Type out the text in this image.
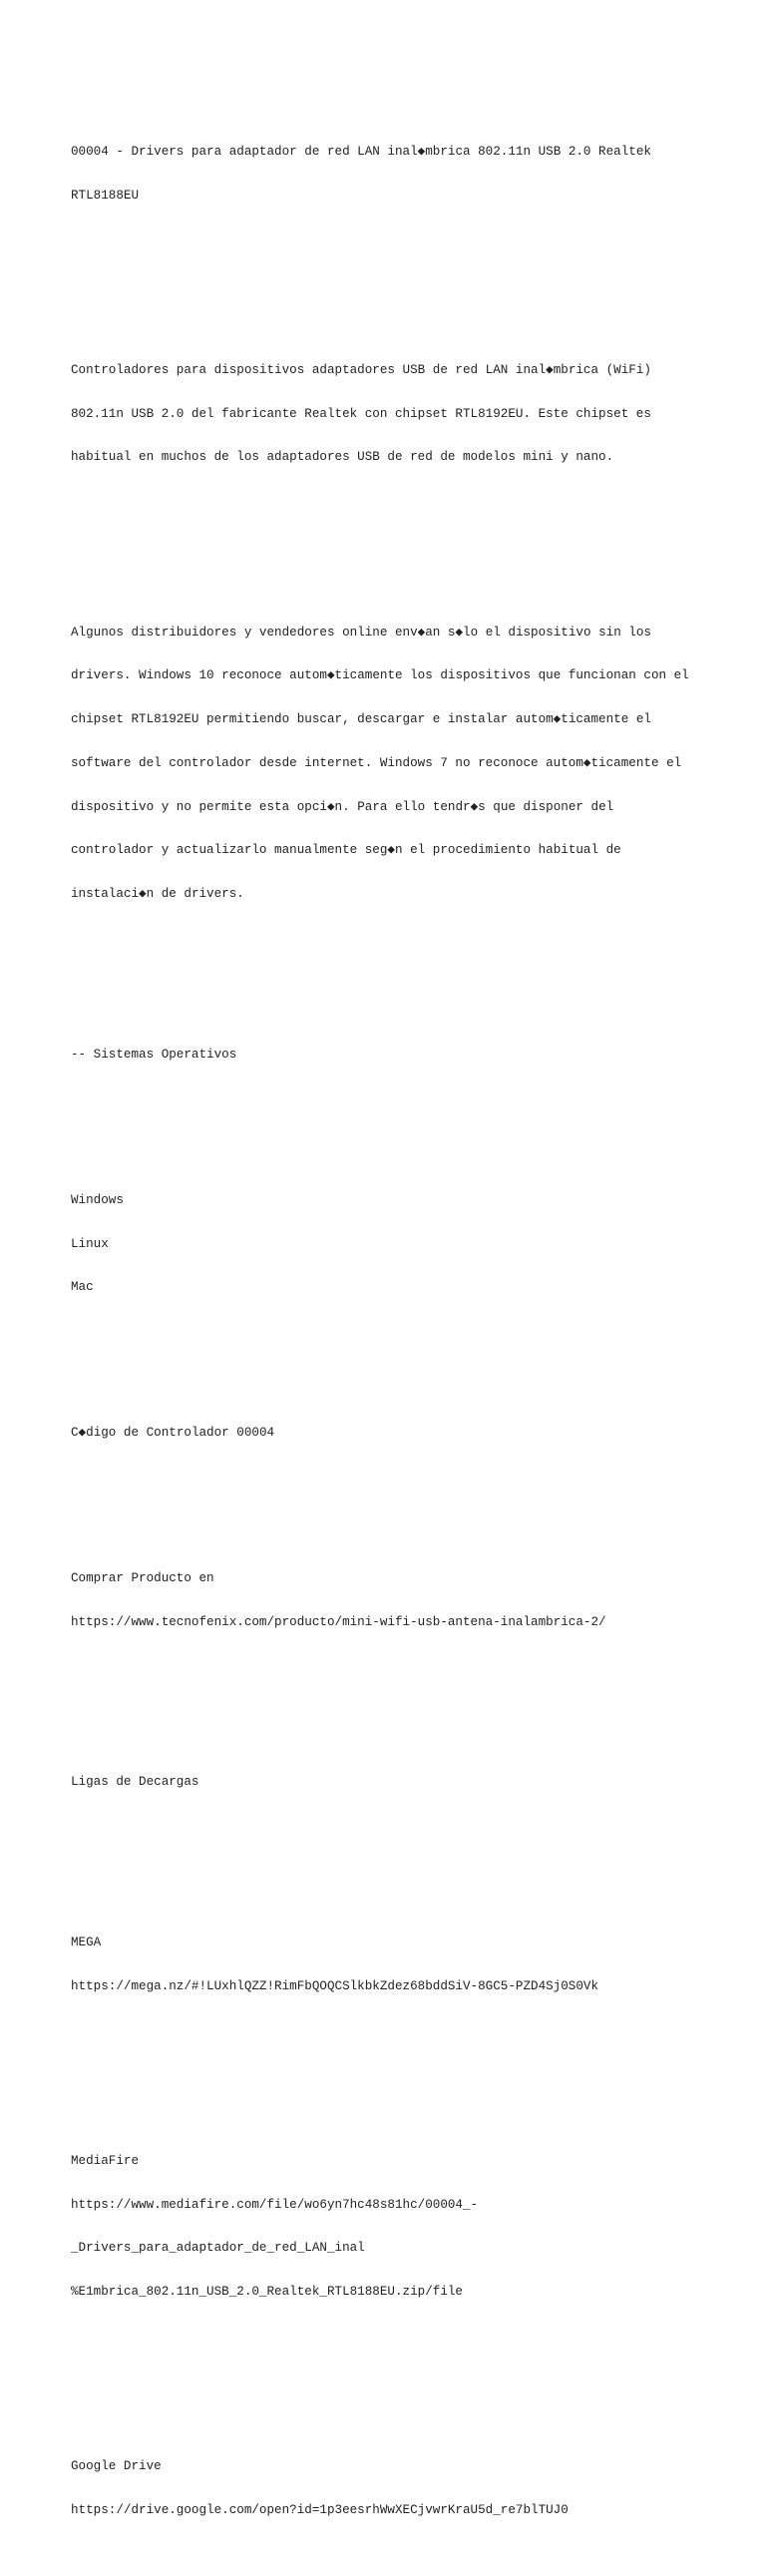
00004 - Drivers para adaptador de red LAN inal◆mbrica 802.11n USB 2.0 Realtek

RTL8188EU

Controladores para dispositivos adaptadores USB de red LAN inal◆mbrica (WiFi)

802.11n USB 2.0 del fabricante Realtek con chipset RTL8192EU. Este chipset es

habitual en muchos de los adaptadores USB de red de modelos mini y nano.

Algunos distribuidores y vendedores online env◆an s◆lo el dispositivo sin los

drivers. Windows 10 reconoce autom◆ticamente los dispositivos que funcionan con el

chipset RTL8192EU permitiendo buscar, descargar e instalar autom◆ticamente el

software del controlador desde internet. Windows 7 no reconoce autom◆ticamente el

dispositivo y no permite esta opci◆n. Para ello tendr◆s que disponer del

controlador y actualizarlo manualmente seg◆n el procedimiento habitual de

instalaci◆n de drivers.

-- Sistemas Operativos

Windows

Linux

Mac

C◆digo de Controlador 00004

Comprar Producto en

https://www.tecnofenix.com/producto/mini-wifi-usb-antena-inalambrica-2/

Ligas de Decargas

MEGA

https://mega.nz/#!LUxhlQZZ!RimFbQOQCSlkbkZdez68bddSiV-8GC5-PZD4Sj0S0Vk

MediaFire

https://www.mediafire.com/file/wo6yn7hc48s81hc/00004_-

_Drivers_para_adaptador_de_red_LAN_inal

%E1mbrica_802.11n_USB_2.0_Realtek_RTL8188EU.zip/file

Google Drive

https://drive.google.com/open?id=1p3eesrhWwXECjvwrKraU5d_re7blTUJ0
